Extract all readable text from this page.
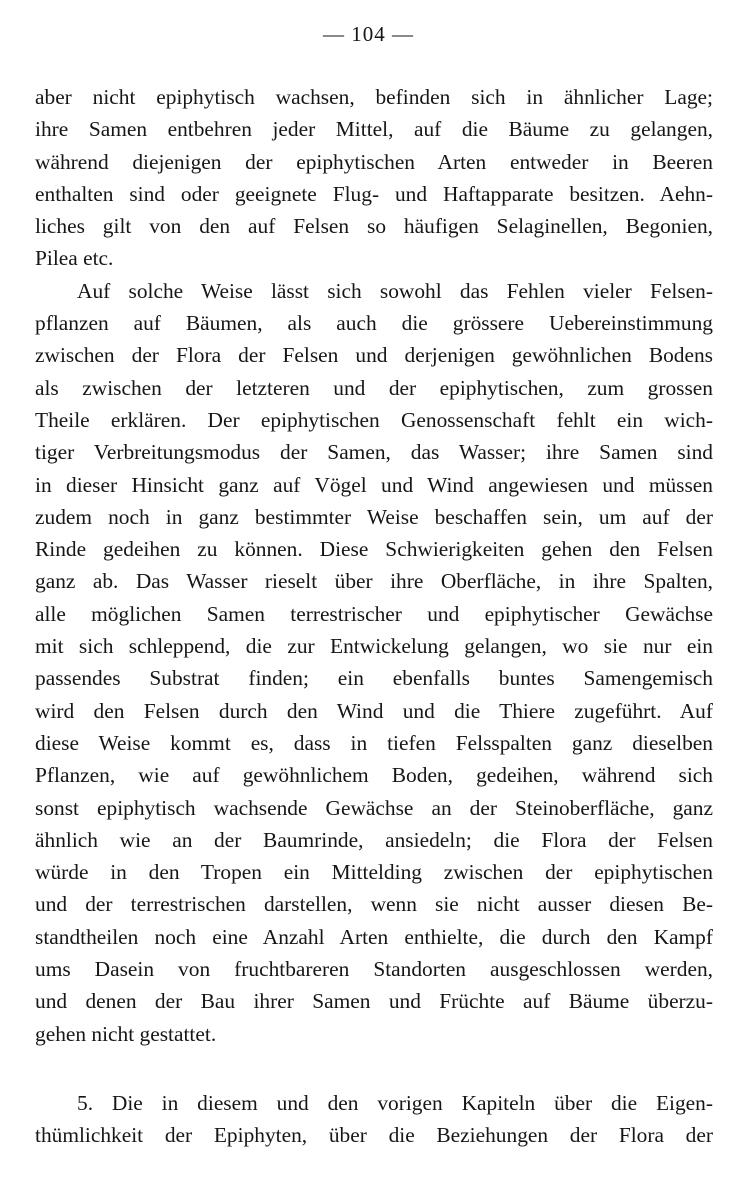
— 104 —
aber nicht epiphytisch wachsen, befinden sich in ähnlicher Lage;
ihre Samen entbehren jeder Mittel, auf die Bäume zu gelangen,
während diejenigen der epiphytischen Arten entweder in Beeren
enthalten sind oder geeignete Flug- und Haftapparate besitzen. Aehn-
liches gilt von den auf Felsen so häufigen Selaginellen, Begonien,
Pilea etc.
Auf solche Weise lässt sich sowohl das Fehlen vieler Felsen-
pflanzen auf Bäumen, als auch die grössere Uebereinstimmung
zwischen der Flora der Felsen und derjenigen gewöhnlichen Bodens
als zwischen der letzteren und der epiphytischen, zum grossen
Theile erklären. Der epiphytischen Genossenschaft fehlt ein wich-
tiger Verbreitungsmodus der Samen, das Wasser; ihre Samen sind
in dieser Hinsicht ganz auf Vögel und Wind angewiesen und müssen
zudem noch in ganz bestimmter Weise beschaffen sein, um auf der
Rinde gedeihen zu können. Diese Schwierigkeiten gehen den Felsen
ganz ab. Das Wasser rieselt über ihre Oberfläche, in ihre Spalten,
alle möglichen Samen terrestrischer und epiphytischer Gewächse
mit sich schleppend, die zur Entwickelung gelangen, wo sie nur ein
passendes Substrat finden; ein ebenfalls buntes Samengemisch
wird den Felsen durch den Wind und die Thiere zugeführt. Auf
diese Weise kommt es, dass in tiefen Felsspalten ganz dieselben
Pflanzen, wie auf gewöhnlichem Boden, gedeihen, während sich
sonst epiphytisch wachsende Gewächse an der Steinoberfläche, ganz
ähnlich wie an der Baumrinde, ansiedeln; die Flora der Felsen
würde in den Tropen ein Mittelding zwischen der epiphytischen
und der terrestrischen darstellen, wenn sie nicht ausser diesen Be-
standtheilen noch eine Anzahl Arten enthielte, die durch den Kampf
ums Dasein von fruchtbareren Standorten ausgeschlossen werden,
und denen der Bau ihrer Samen und Früchte auf Bäume überzu-
gehen nicht gestattet.
5. Die in diesem und den vorigen Kapiteln über die Eigen-
thümlichkeit der Epiphyten, über die Beziehungen der Flora der
